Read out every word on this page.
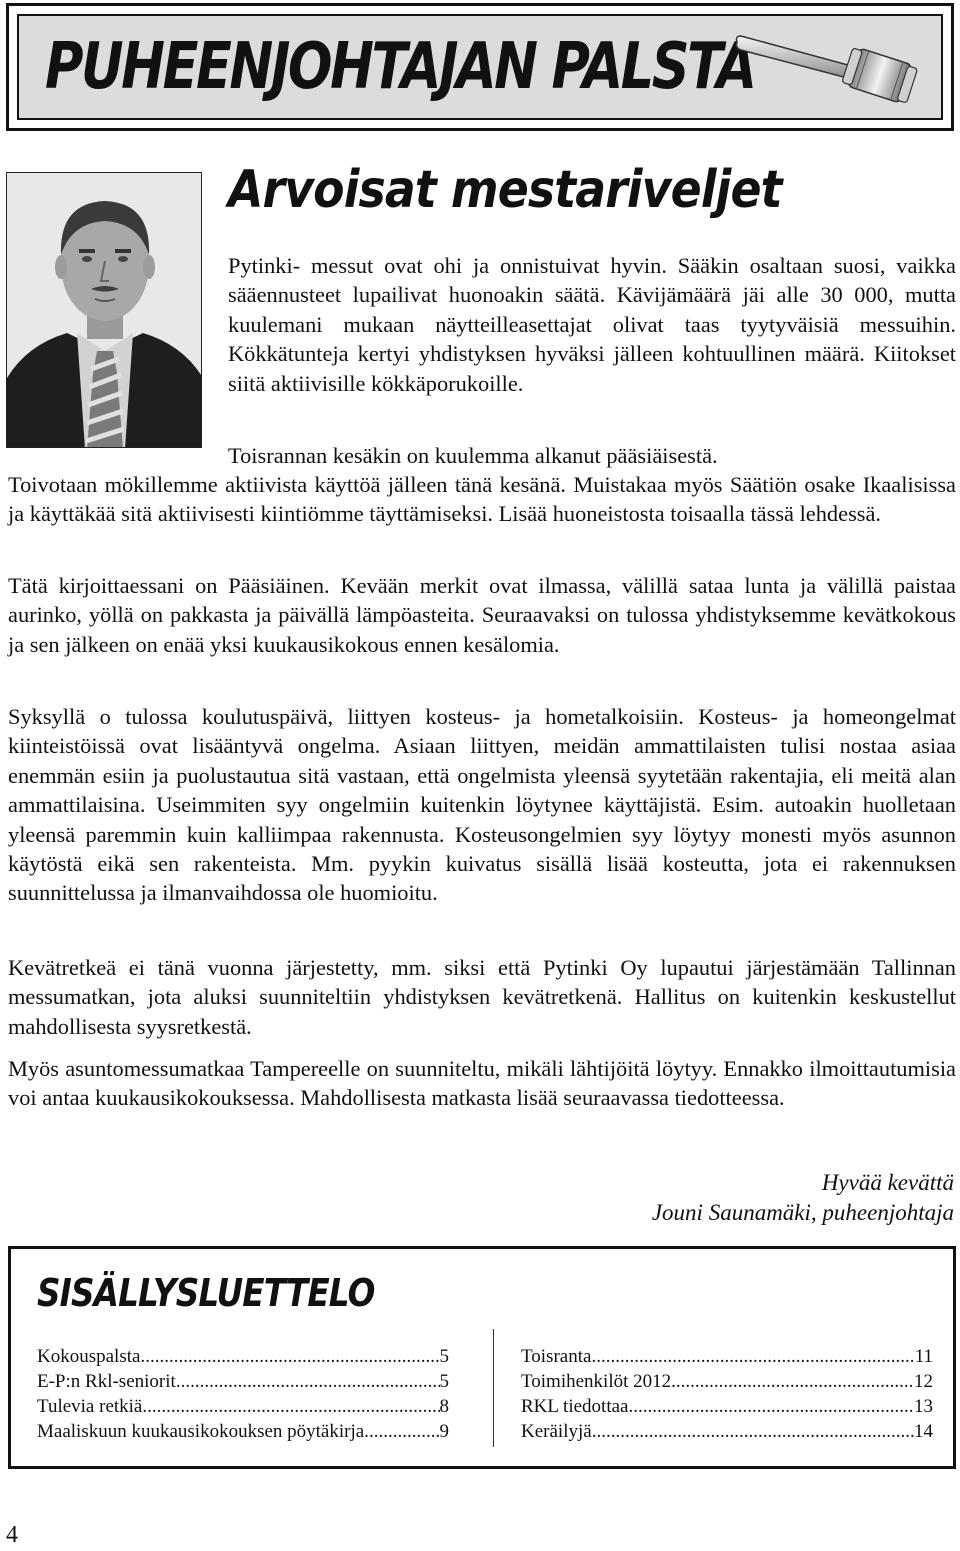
PUHEENJOHTAJAN PALSTA
Arvoisat mestariveljet

Pytinki- messut ovat ohi ja onnistuivat hyvin. Sääkin osaltaan suosi, vaikka sääennusteet lupailivat huonoakin säätä. Kävijämäärä jäi alle 30 000, mutta kuulemani mukaan näytteilleasettajat olivat taas tyytyväisiä messuihin. Kökkätunteja kertyi yhdistyksen hyväksi jälleen kohtuullinen määrä. Kiitokset siitä aktiivisille kökkäporukoille.

Toisrannan kesäkin on kuulemma alkanut pääsiäisestä.

Toivotaan mökillemme aktiivista käyttöä jälleen tänä kesänä. Muistakaa myös Säätiön osake Ikaalisissa ja käyttäkää sitä aktiivisesti kiintiömme täyttämiseksi. Lisää huoneistosta toisaalla tässä lehdessä.

Tätä kirjoittaessani on Pääsiäinen. Kevään merkit ovat ilmassa, välillä sataa lunta ja välillä paistaa aurinko, yöllä on pakkasta ja päivällä lämpöasteita. Seuraavaksi on tulossa yhdistyksemme kevätkokous ja sen jälkeen on enää yksi kuukausikokous ennen kesälomia.

Syksyllä o tulossa koulutuspäivä, liittyen kosteus- ja hometalkoisiin. Kosteus- ja homeongelmat kiinteistöissä ovat lisääntyvä ongelma. Asiaan liittyen, meidän ammattilaisten tulisi nostaa asiaa enemmän esiin ja puolustautua sitä vastaan, että ongelmista yleensä syytetään rakentajia, eli meitä alan ammattilaisina. Useimmiten syy ongelmiin kuitenkin löytynee käyttäjistä. Esim. autoakin huolletaan yleensä paremmin kuin kalliimpaa rakennusta. Kosteusongelmien syy löytyy monesti myös asunnon käytöstä eikä sen rakenteista. Mm. pyykin kuivatus sisällä lisää kosteutta, jota ei rakennuksen suunnittelussa ja ilmanvaihdossa ole huomioitu.

Kevätretkeä ei tänä vuonna järjestetty, mm. siksi että Pytinki Oy lupautui järjestämään Tallinnan messumatkan, jota aluksi suunniteltiin yhdistyksen kevätretkenä. Hallitus on kuitenkin keskustellut mahdollisesta syysretkestä.

Myös asuntomessumatkaa Tampereelle on suunniteltu, mikäli lähtijöitä löytyy. Ennakko ilmoittautumisia voi antaa kuukausikokouksessa. Mahdollisesta matkasta lisää seuraavassa tiedotteessa.

Hyvää kevättä
Jouni Saunamäki, puheenjohtaja
SISÄLLYSLUETTELO
Kokouspalsta .....	5
E-P:n Rkl-seniorit .....	5
Tulevia retkiä .....	8
Maaliskuun kuukausikokouksen pöytäkirja. .....	9
Toisranta .....	11
Toimihenkilöt 2012 .....	12
RKL tiedottaa .....	13
Keräilyjä .....	14
4
